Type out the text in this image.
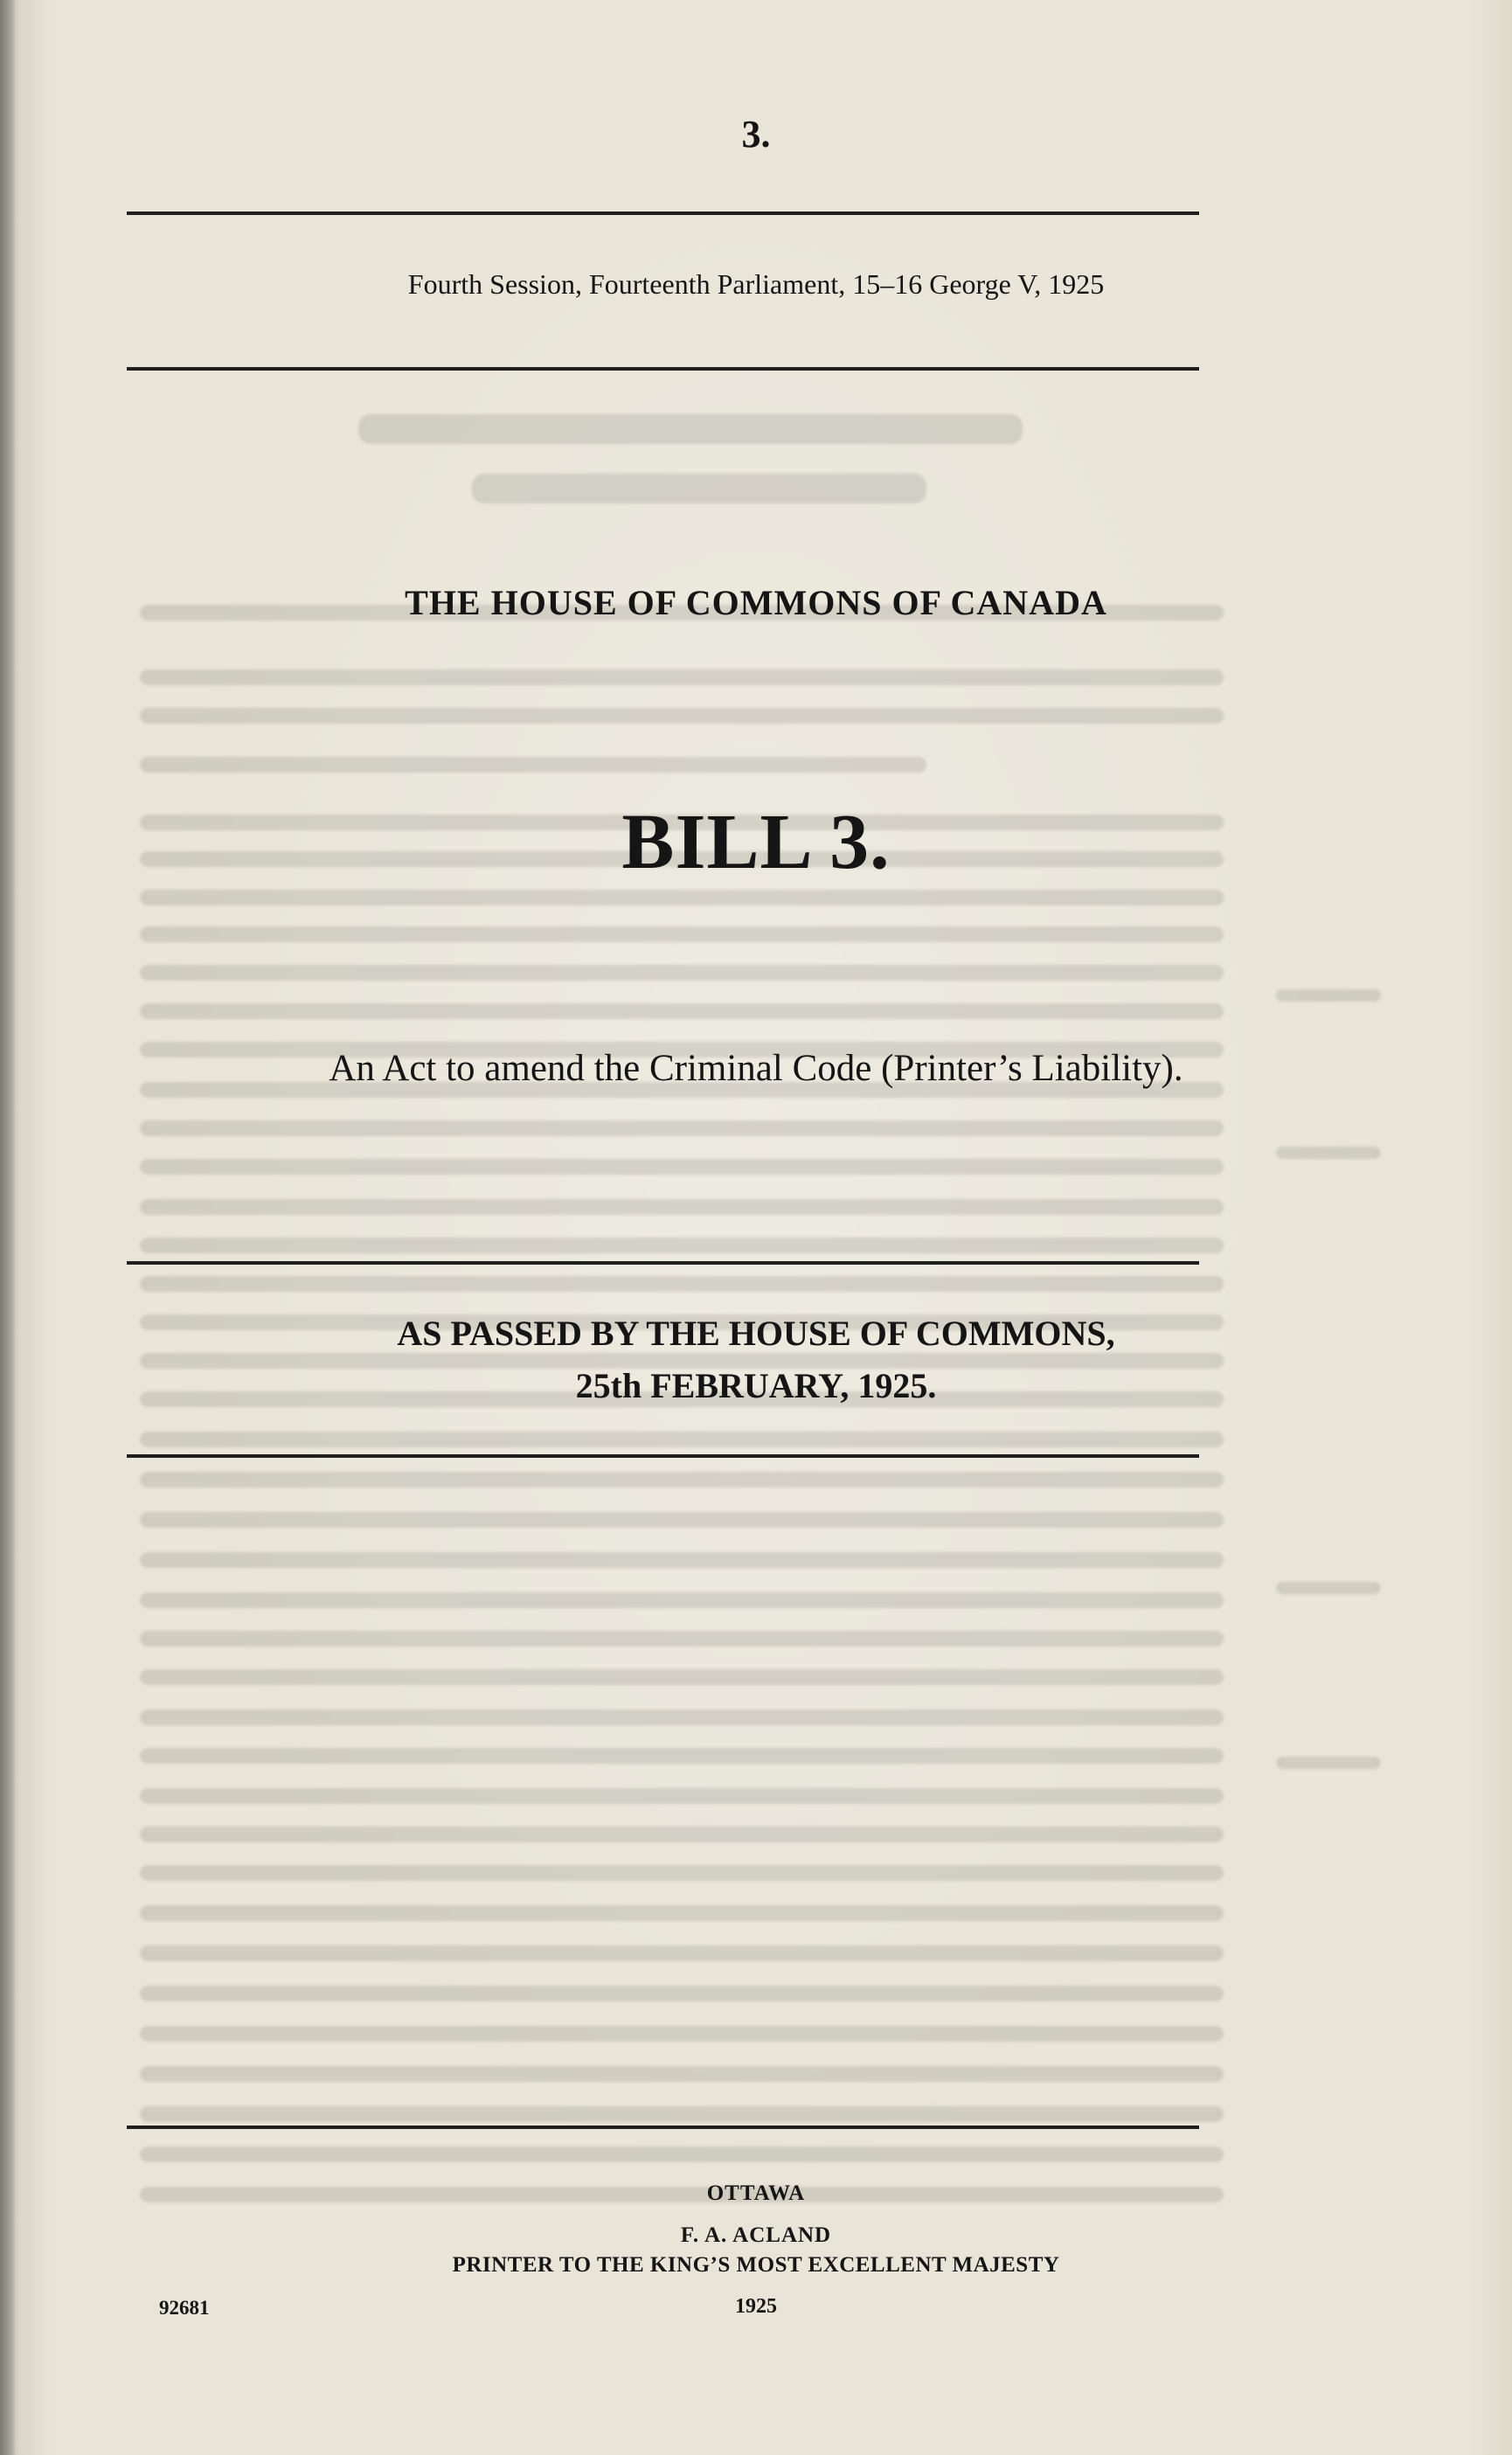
3.
Fourth Session, Fourteenth Parliament, 15–16 George V, 1925
THE HOUSE OF COMMONS OF CANADA
BILL 3.
An Act to amend the Criminal Code (Printer’s Liability).
AS PASSED BY THE HOUSE OF COMMONS,
25th FEBRUARY, 1925.
OTTAWA
F. A. ACLAND
PRINTER TO THE KING’S MOST EXCELLENT MAJESTY
1925
92681
